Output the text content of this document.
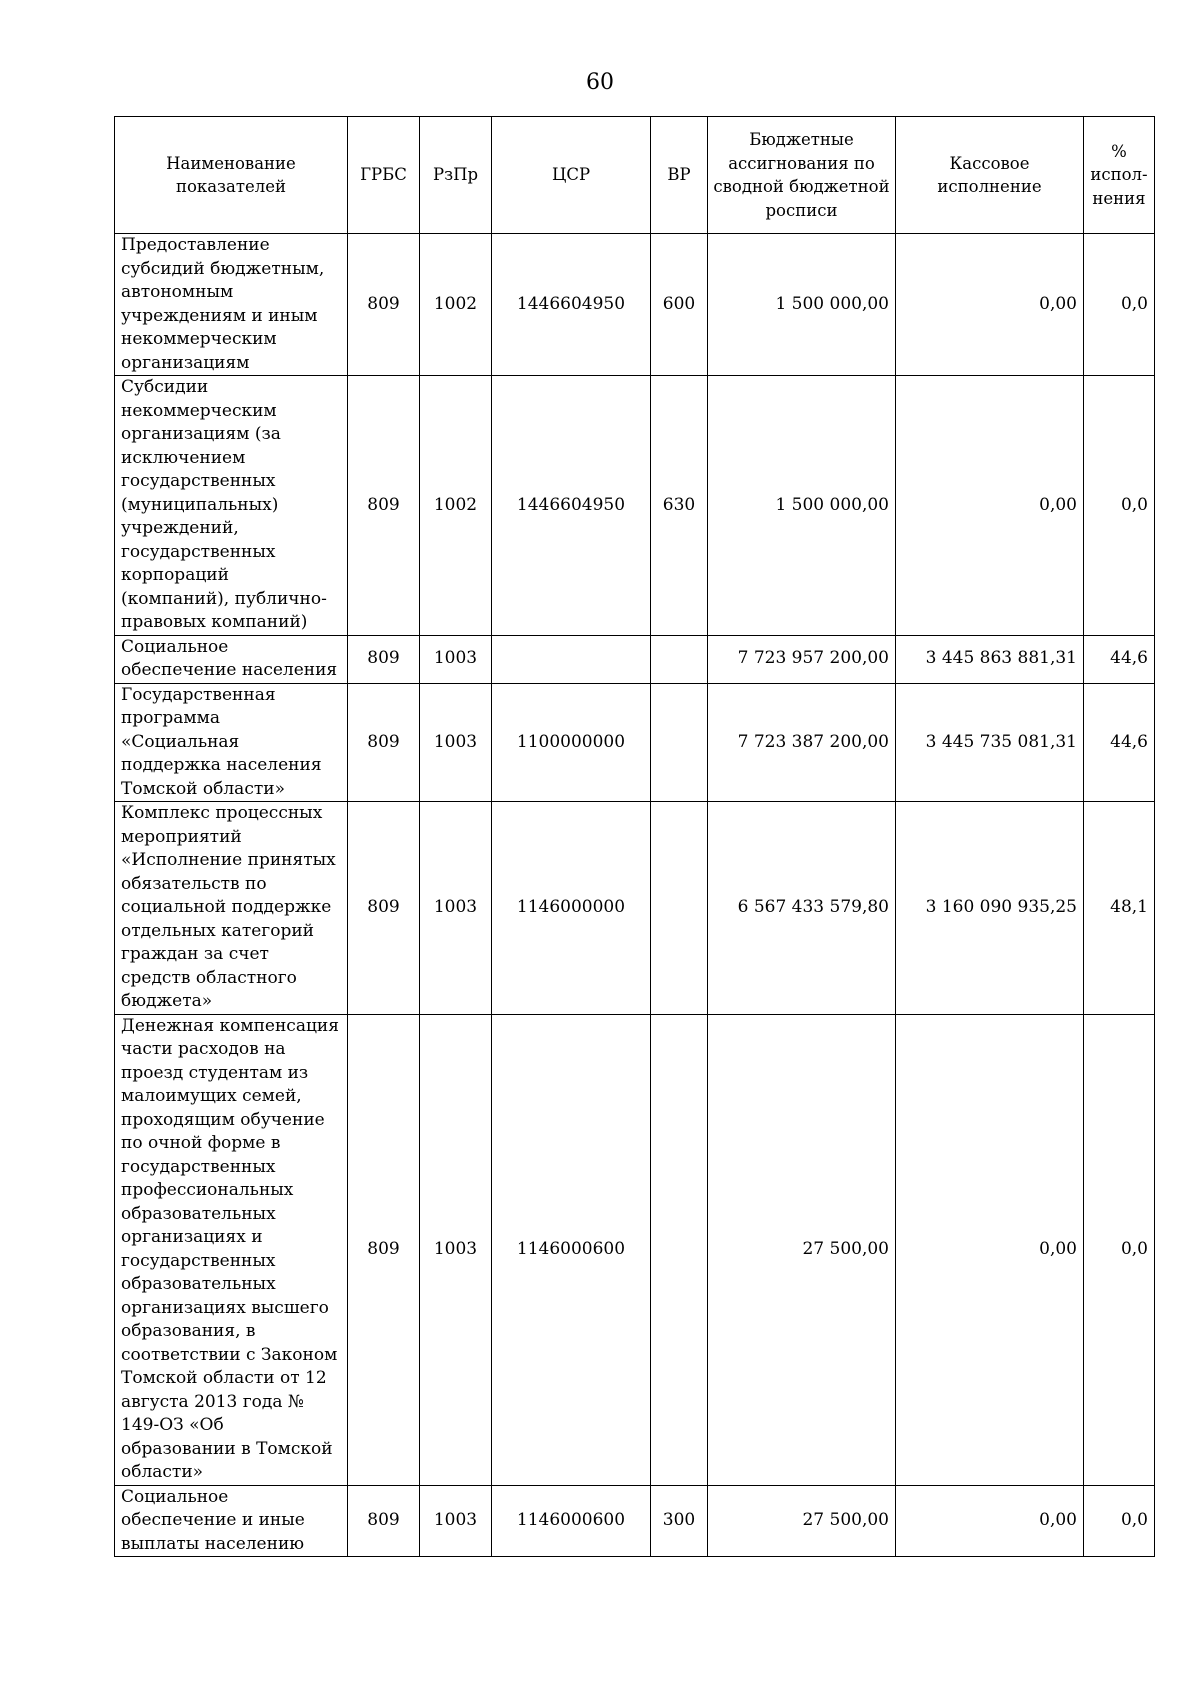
60
Наименование показателей	ГРБС	РзПр	ЦСР	ВР	Бюджетные ассигнования по сводной бюджетной росписи	Кассовое исполнение	% испол-нения
Предоставление субсидий бюджетным, автономным учреждениям и иным некоммерческим организациям	809	1002	1446604950	600	1 500 000,00	0,00	0,0
Субсидии некоммерческим организациям (за исключением государственных (муниципальных) учреждений, государственных корпораций (компаний), публично-правовых компаний)	809	1002	1446604950	630	1 500 000,00	0,00	0,0
Социальное обеспечение населения	809	1003			7 723 957 200,00	3 445 863 881,31	44,6
Государственная программа «Социальная поддержка населения Томской области»	809	1003	1100000000		7 723 387 200,00	3 445 735 081,31	44,6
Комплекс процессных мероприятий «Исполнение принятых обязательств по социальной поддержке отдельных категорий граждан за счет средств областного бюджета»	809	1003	1146000000		6 567 433 579,80	3 160 090 935,25	48,1
Денежная компенсация части расходов на проезд студентам из малоимущих семей, проходящим обучение по очной форме в государственных профессиональных образовательных организациях и государственных образовательных организациях высшего образования, в соответствии с Законом Томской области от 12 августа 2013 года № 149-ОЗ «Об образовании в Томской области»	809	1003	1146000600		27 500,00	0,00	0,0
Социальное обеспечение и иные выплаты населению	809	1003	1146000600	300	27 500,00	0,00	0,0
